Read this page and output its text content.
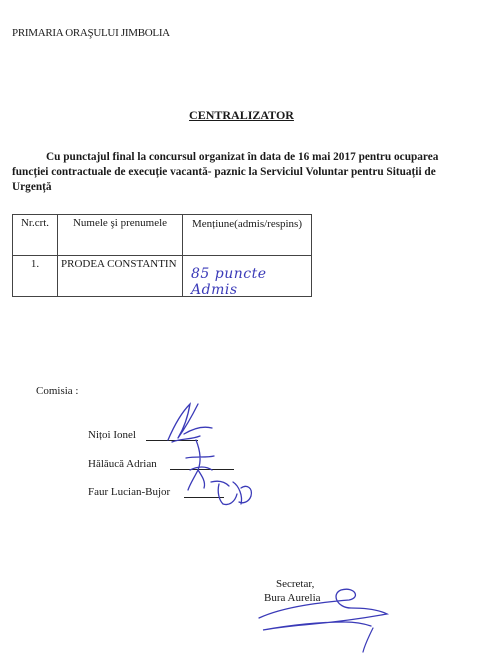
PRIMARIA ORAŞULUI JIMBOLIA
CENTRALIZATOR
Cu punctajul final la concursul organizat în data de 16 mai 2017 pentru ocuparea funcției contractuale de execuție vacantă- paznic la Serviciul Voluntar pentru Situații de Urgență
Nr.crt.	Numele şi prenumele	Mențiune(admis/respins)
1.	PRODEA CONSTANTIN	85 puncte Admis
Comisia :
Nițoi Ionel
Hălăucă Adrian
Faur Lucian-Bujor
Secretar,
Bura Aurelia
